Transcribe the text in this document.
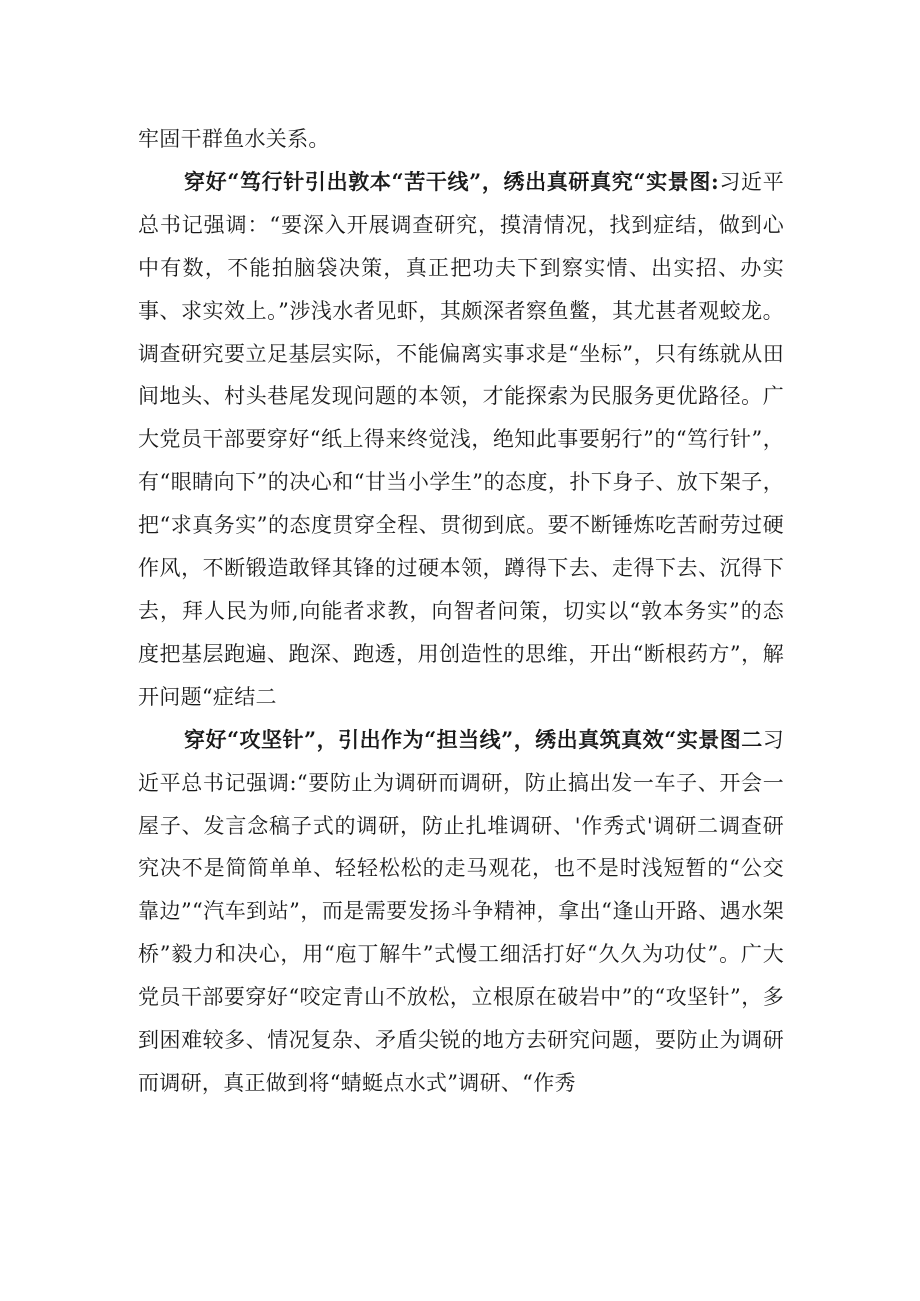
牢固干群鱼水关系。

穿好“笃行针引出敦本“苦干线”，绣出真研真究“实景图:习近平总书记强调：“要深入开展调查研究，摸清情况，找到症结，做到心中有数，不能拍脑袋决策，真正把功夫下到察实情、出实招、办实事、求实效上。”涉浅水者见虾，其颇深者察鱼鳖，其尤甚者观蛟龙。调查研究要立足基层实际，不能偏离实事求是“坐标”，只有练就从田间地头、村头巷尾发现问题的本领，才能探索为民服务更优路径。广大党员干部要穿好“纸上得来终觉浅，绝知此事要躬行”的“笃行针”，有“眼睛向下”的决心和“甘当小学生”的态度，扑下身子、放下架子，把“求真务实”的态度贯穿全程、贯彻到底。要不断锤炼吃苦耐劳过硬作风，不断锻造敢铎其锋的过硬本领，蹲得下去、走得下去、沉得下去，拜人民为师,向能者求教，向智者问策，切实以“敦本务实”的态度把基层跑遍、跑深、跑透，用创造性的思维，开出“断根药方”，解开问题“症结二

穿好“攻坚针”，引出作为“担当线”，绣出真筑真效“实景图二习近平总书记强调:“要防止为调研而调研，防止搞出发一车子、开会一屋子、发言念稿子式的调研，防止扎堆调研、'作秀式'调研二调查研究决不是简简单单、轻轻松松的走马观花，也不是时浅短暂的“公交靠边”“汽车到站”，而是需要发扬斗争精神，拿出“逢山开路、遇水架桥”毅力和决心，用“庖丁解牛”式慢工细活打好“久久为功仗”。广大党员干部要穿好“咬定青山不放松，立根原在破岩中”的“攻坚针”，多到困难较多、情况复杂、矛盾尖锐的地方去研究问题，要防止为调研而调研，真正做到将“蜻蜓点水式”调研、“作秀
